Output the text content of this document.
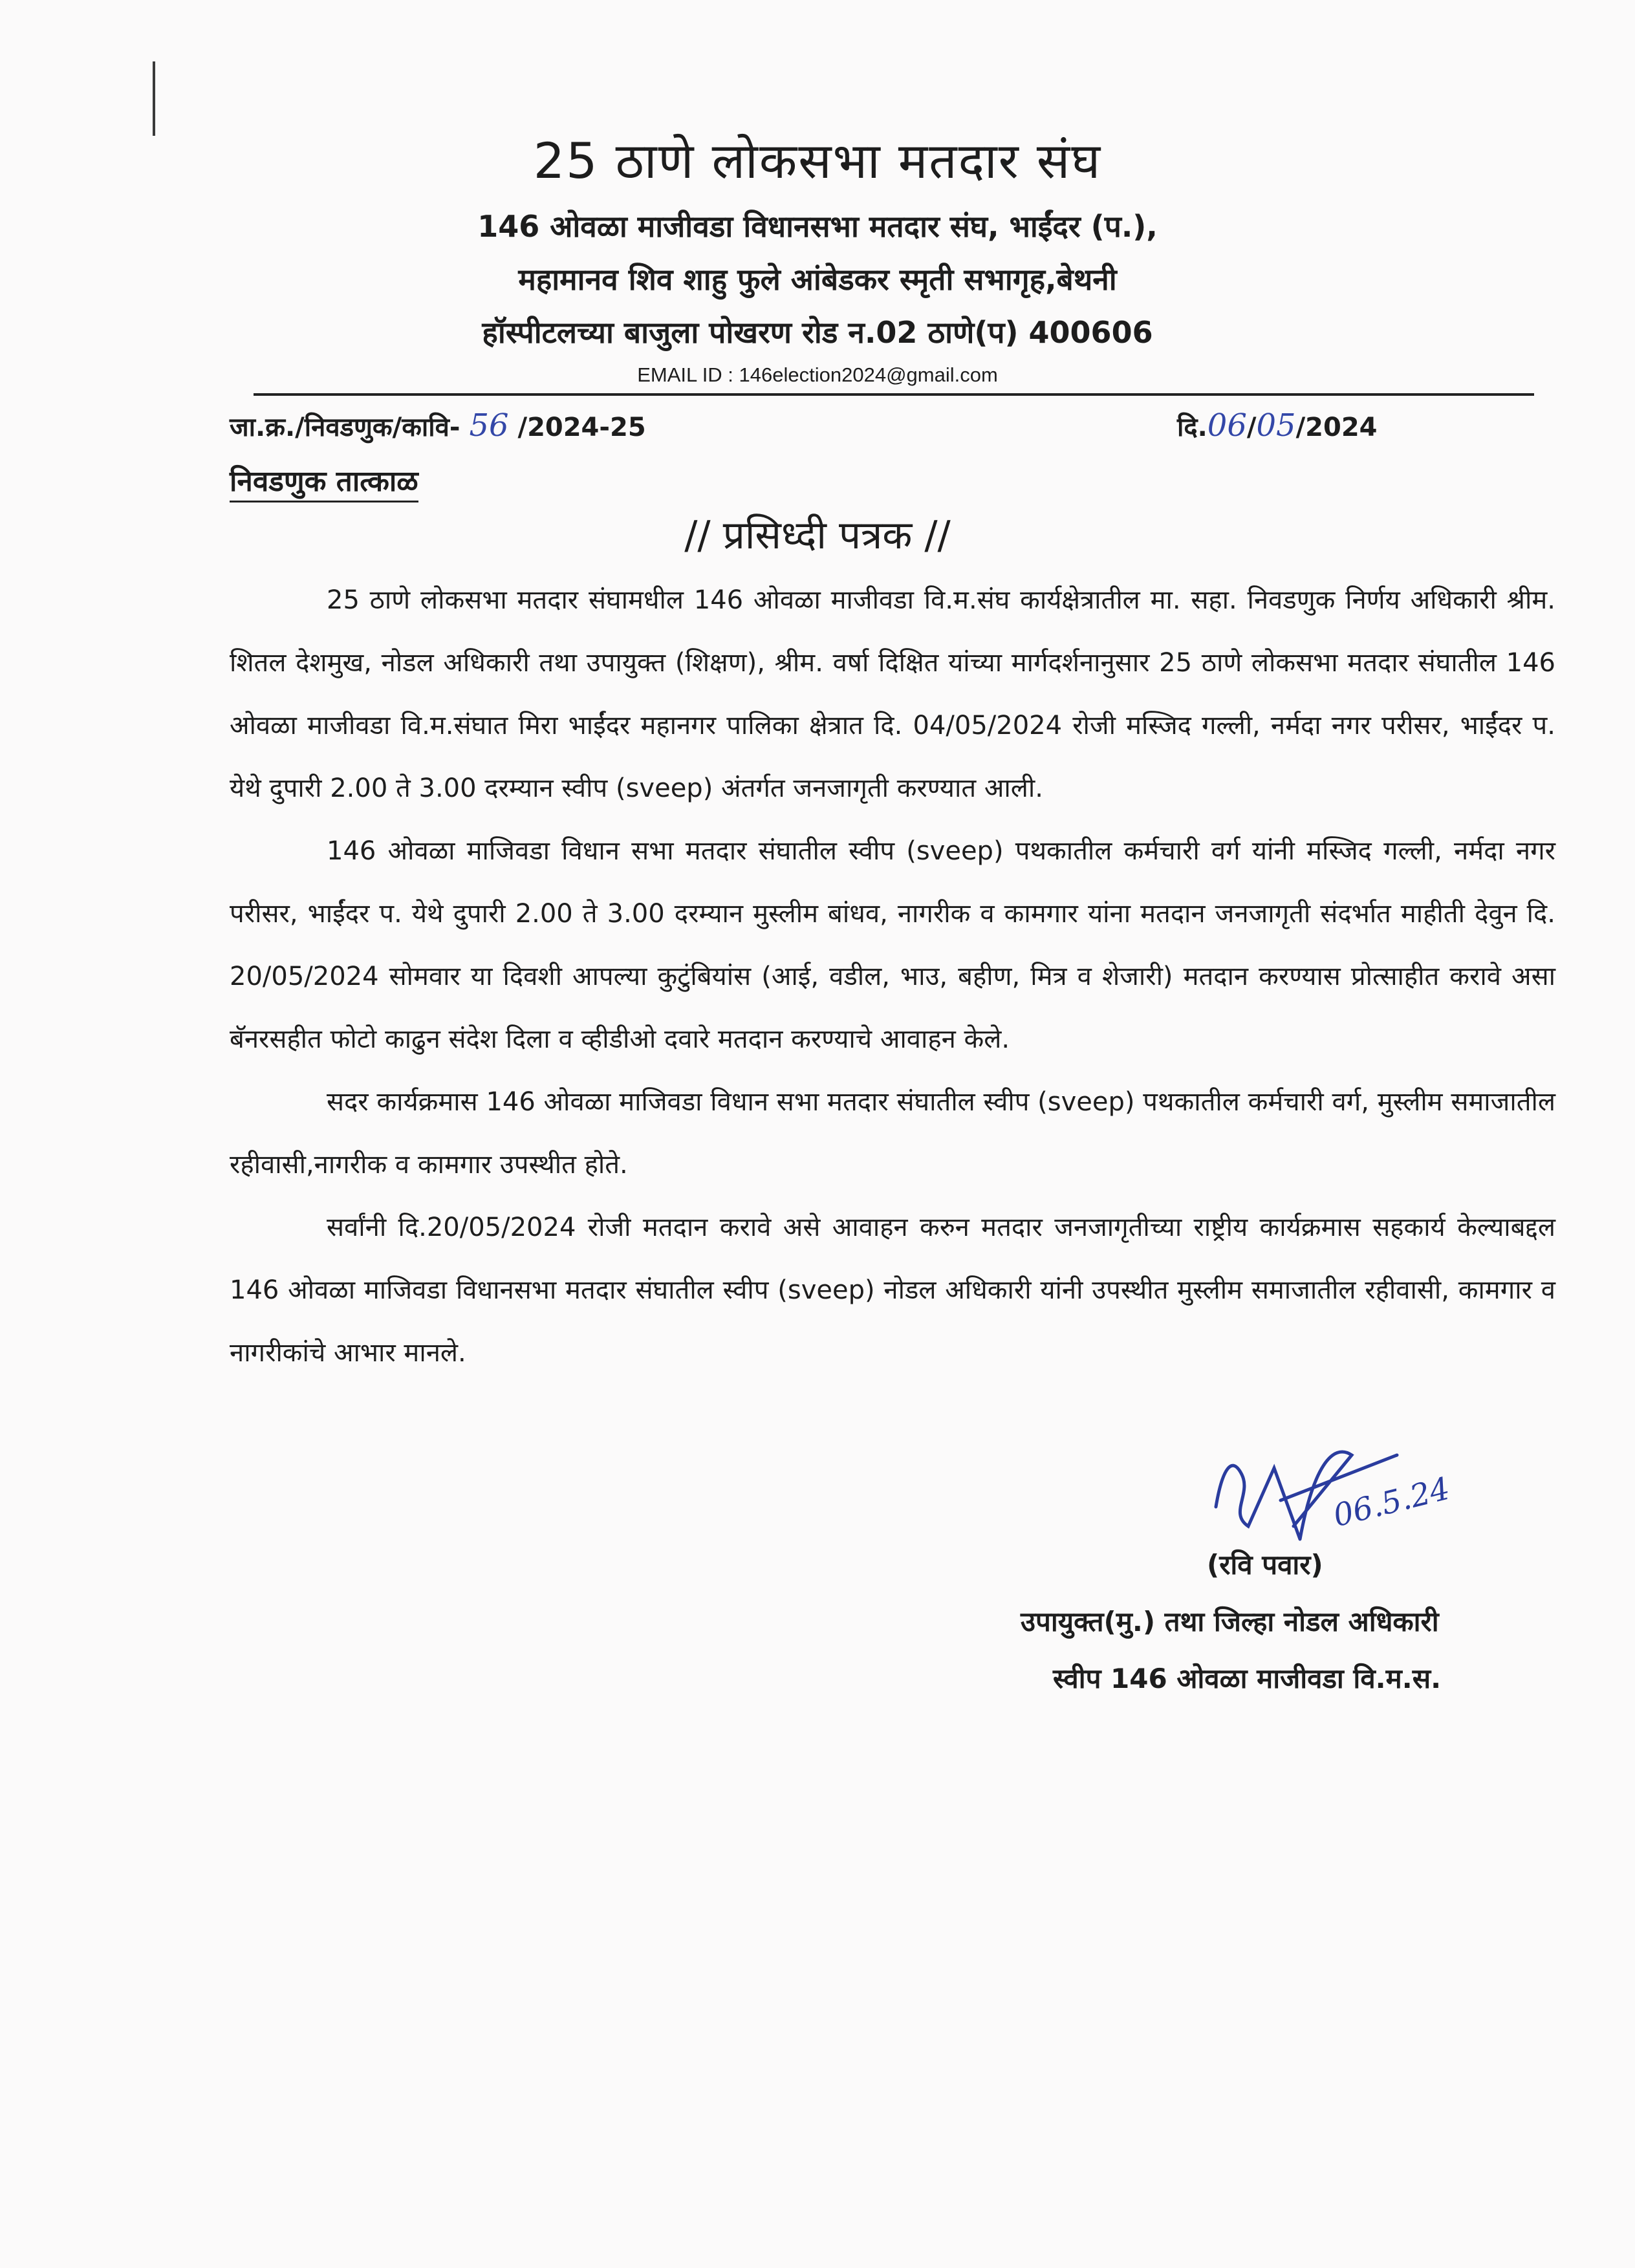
25 ठाणे लोकसभा मतदार संघ
146 ओवळा माजीवडा विधानसभा मतदार संघ, भाईंदर (प.),
महामानव शिव शाहु फुले आंबेडकर स्मृती सभागृह,बेथनी
हॉस्पीटलच्या बाजुला पोखरण रोड न.02 ठाणे(प) 400606
EMAIL ID : 146election2024@gmail.com
जा.क्र./निवडणुक/कावि- 56 /2024-25	दि.06/05/2024
निवडणुक तात्काळ
// प्रसिध्दी पत्रक //

25 ठाणे लोकसभा मतदार संघामधील 146 ओवळा माजीवडा वि.म.संघ कार्यक्षेत्रातील मा. सहा. निवडणुक निर्णय अधिकारी श्रीम. शितल देशमुख, नोडल अधिकारी तथा उपायुक्त (शिक्षण), श्रीम. वर्षा दिक्षित यांच्या मार्गदर्शनानुसार 25 ठाणे लोकसभा मतदार संघातील 146 ओवळा माजीवडा वि.म.संघात मिरा भाईंदर महानगर पालिका क्षेत्रात दि. 04/05/2024 रोजी मस्जिद गल्ली, नर्मदा नगर परीसर, भाईंदर प. येथे दुपारी 2.00 ते 3.00 दरम्यान स्वीप (sveep) अंतर्गत जनजागृती करण्यात आली.

146 ओवळा माजिवडा विधान सभा मतदार संघातील स्वीप (sveep) पथकातील कर्मचारी वर्ग यांनी मस्जिद गल्ली, नर्मदा नगर परीसर, भाईंदर प. येथे दुपारी 2.00 ते 3.00 दरम्यान मुस्लीम बांधव, नागरीक व कामगार यांना मतदान जनजागृती संदर्भात माहीती देवुन दि. 20/05/2024 सोमवार या दिवशी आपल्या कुटुंबियांस (आई, वडील, भाउ, बहीण, मित्र व शेजारी) मतदान करण्यास प्रोत्साहीत करावे असा बॅनरसहीत फोटो काढुन संदेश दिला व व्हीडीओ दवारे मतदान करण्याचे आवाहन केले.

सदर कार्यक्रमास 146 ओवळा माजिवडा विधान सभा मतदार संघातील स्वीप (sveep) पथकातील कर्मचारी वर्ग, मुस्लीम समाजातील रहीवासी,नागरीक व कामगार उपस्थीत होते.

सर्वांनी दि.20/05/2024 रोजी मतदान करावे असे आवाहन करुन मतदार जनजागृतीच्या राष्ट्रीय कार्यक्रमास सहकार्य केल्याबद्दल 146 ओवळा माजिवडा विधानसभा मतदार संघातील स्वीप (sveep) नोडल अधिकारी यांनी उपस्थीत मुस्लीम समाजातील रहीवासी, कामगार व नागरीकांचे आभार मानले.

06.5.24
(रवि पवार)
उपायुक्त(मु.) तथा जिल्हा नोडल अधिकारी
स्वीप 146 ओवळा माजीवडा वि.म.स.
